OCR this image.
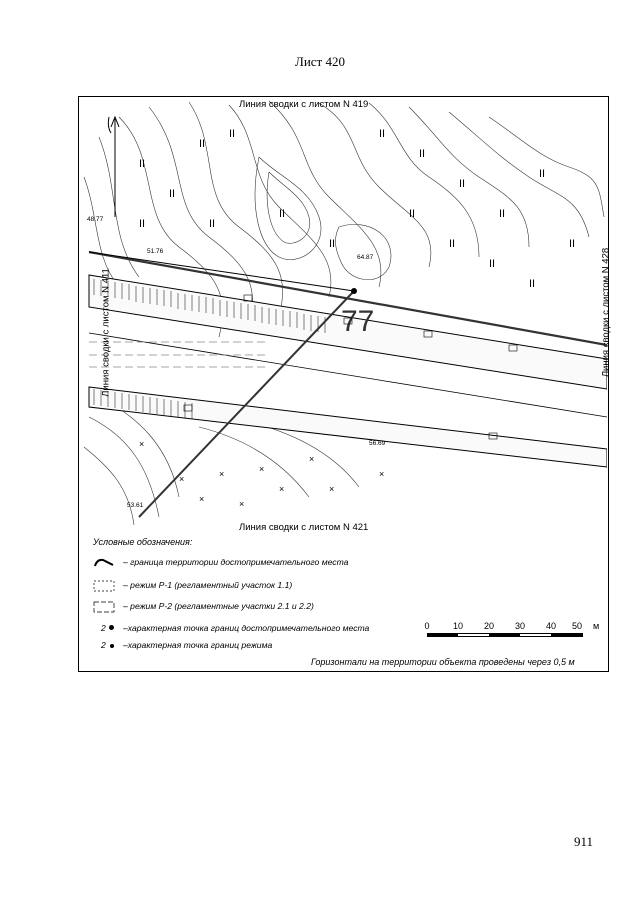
Лист 420
II
II
II
II
II
II
II
II
II
II
II
II
II
II
II
II
II
II
×	×	×
×
×	×
×
×
×
×
77
51.76
64.87
48.77
56.69
53.61
Линия сводки с листом N 419
Линия сводки с листом N 421
Линия сводки с листом N 411	Линия сводки с листом N 428
Условные обозначения:
– граница территории достопримечательного места
– режим Р-1 (регламентный участок 1.1)
– режим Р-2 (регламентные участки 2.1 и 2.2)
2 –характерная точка границ достопримечательного места
2 –характерная точка границ режима
0	10 20 30 40 50 м
Горизонтали на территории объекта проведены через 0,5 м
911
